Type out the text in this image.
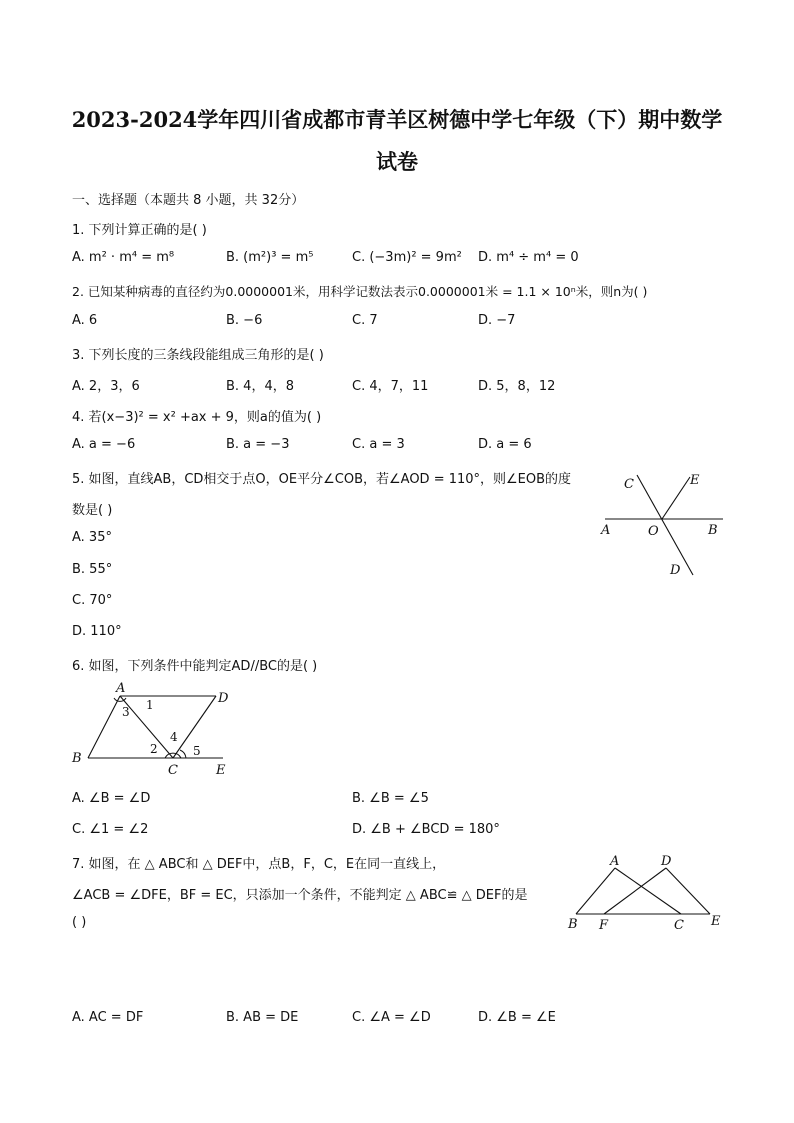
2023-2024学年四川省成都市青羊区树德中学七年级（下）期中数学
试卷
一、选择题（本题共 8 小题，共 32分）
1. 下列计算正确的是( )
A. m² · m⁴ = m⁸	B. (m²)³ = m⁵	C. (−3m)² = 9m² D. m⁴ ÷ m⁴ = 0
2. 已知某种病毒的直径约为0.0000001米，用科学记数法表示0.0000001米 = 1.1 × 10ⁿ米，则n为( )
A. 6	B. −6	C. 7	D. −7
3. 下列长度的三条线段能组成三角形的是( )
A. 2，3，6	B. 4，4，8	C. 4，7，11	D. 5，8，12
4. 若(x−3)² = x² +ax + 9，则a的值为( )
A. a = −6	B. a = −3	C. a = 3	D. a = 6
5. 如图，直线AB，CD相交于点O，OE平分∠COB，若∠AOD = 110°，则∠EOB的度
数是( )
A. 35°
B. 55°
C. 70°
D. 110°
C	E
A	O	B
D
6. 如图，下列条件中能判定AD//BC的是( )
A
D
B
C	E
1
2
3
4
5
A. ∠B = ∠D	B. ∠B = ∠5
C. ∠1 = ∠2	D. ∠B + ∠BCD = 180°
7. 如图，在 △ ABC和 △ DEF中，点B，F，C，E在同一直线上，
∠ACB = ∠DFE，BF = EC，只添加一个条件，不能判定 △ ABC≌ △ DEF的是
( )
A	D
B F	C E
A. AC = DF	B. AB = DE	C. ∠A = ∠D	D. ∠B = ∠E
